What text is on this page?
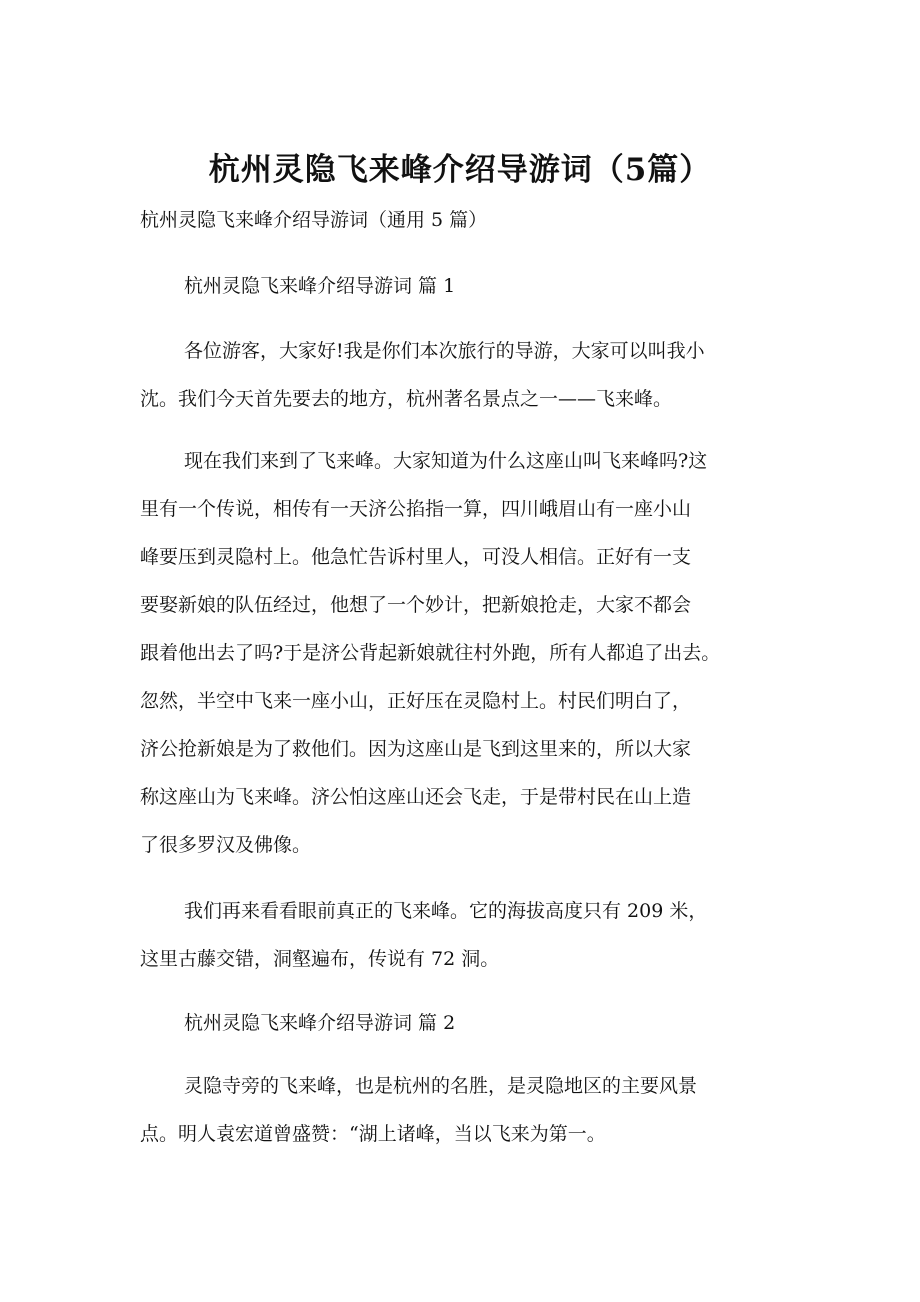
杭州灵隐飞来峰介绍导游词（5篇）
杭州灵隐飞来峰介绍导游词（通用 5 篇）
杭州灵隐飞来峰介绍导游词 篇 1
各位游客，大家好!我是你们本次旅行的导游，大家可以叫我小
沈。我们今天首先要去的地方，杭州著名景点之一——飞来峰。
现在我们来到了飞来峰。大家知道为什么这座山叫飞来峰吗?这
里有一个传说，相传有一天济公掐指一算，四川峨眉山有一座小山
峰要压到灵隐村上。他急忙告诉村里人，可没人相信。正好有一支
要娶新娘的队伍经过，他想了一个妙计，把新娘抢走，大家不都会
跟着他出去了吗?于是济公背起新娘就往村外跑，所有人都追了出去。
忽然，半空中飞来一座小山，正好压在灵隐村上。村民们明白了，
济公抢新娘是为了救他们。因为这座山是飞到这里来的，所以大家
称这座山为飞来峰。济公怕这座山还会飞走，于是带村民在山上造
了很多罗汉及佛像。
我们再来看看眼前真正的飞来峰。它的海拔高度只有 209 米，
这里古藤交错，洞壑遍布，传说有 72 洞。
杭州灵隐飞来峰介绍导游词 篇 2
灵隐寺旁的飞来峰，也是杭州的名胜，是灵隐地区的主要风景
点。明人袁宏道曾盛赞：“湖上诸峰，当以飞来为第一。
